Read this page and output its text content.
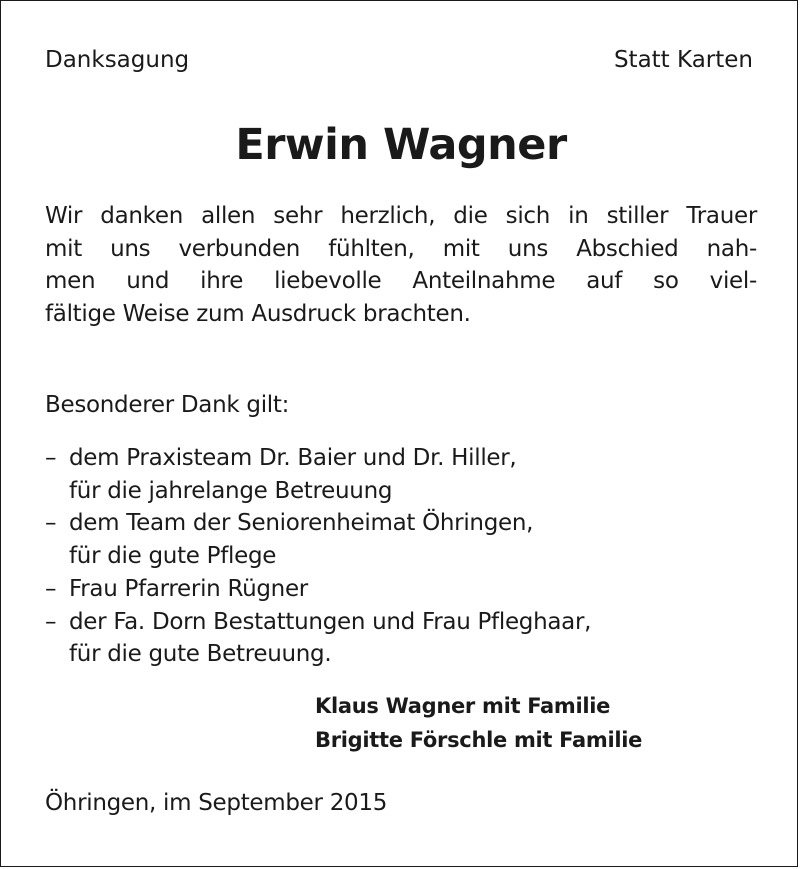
Danksagung	Statt Karten
Erwin Wagner
Wir danken allen sehr herzlich, die sich in stiller Trauer
mit uns verbunden fühlten, mit uns Abschied nah-
men und ihre liebevolle Anteilnahme auf so viel-
fältige Weise zum Ausdruck brachten.
Besonderer Dank gilt:
– dem Praxisteam Dr. Baier und Dr. Hiller,
für die jahrelange Betreuung
– dem Team der Seniorenheimat Öhringen,
für die gute Pflege
– Frau Pfarrerin Rügner
– der Fa. Dorn Bestattungen und Frau Pfleghaar,
für die gute Betreuung.
Klaus Wagner mit Familie
Brigitte Förschle mit Familie
Öhringen, im September 2015
